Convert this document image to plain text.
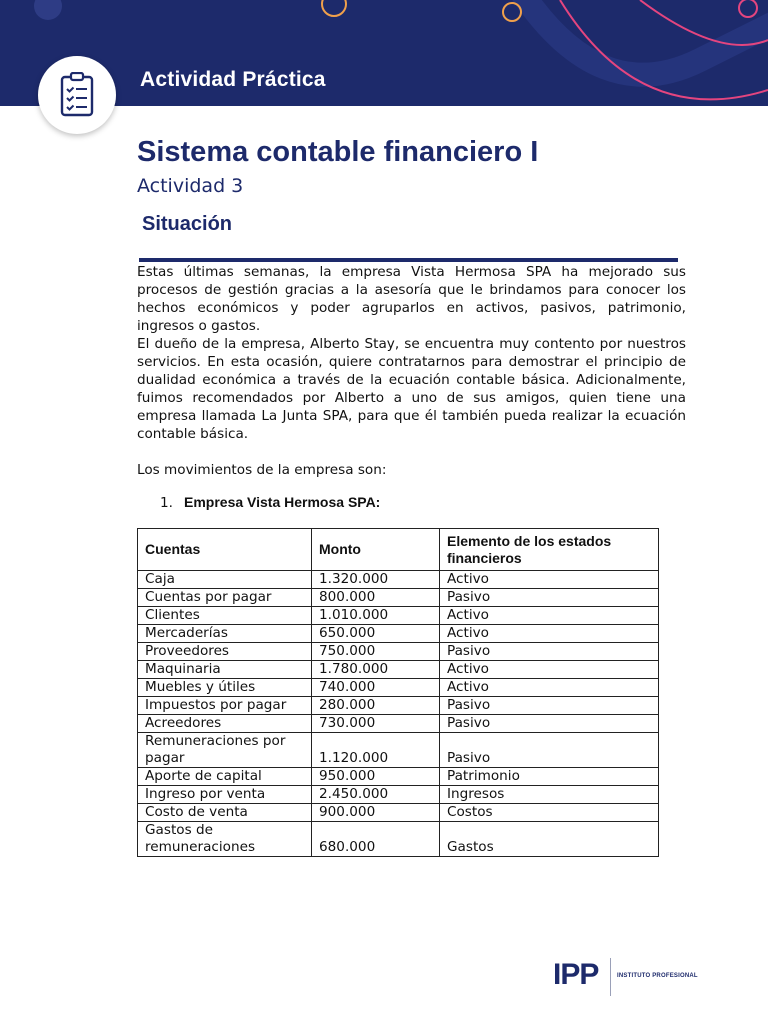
Actividad Práctica
Sistema contable financiero I
Actividad 3
Situación

Estas últimas semanas, la empresa Vista Hermosa SPA ha mejorado sus procesos de gestión gracias a la asesoría que le brindamos para conocer los hechos económicos y poder agruparlos en activos, pasivos, patrimonio, ingresos o gastos.

El dueño de la empresa, Alberto Stay, se encuentra muy contento por nuestros servicios. En esta ocasión, quiere contratarnos para demostrar el principio de dualidad económica a través de la ecuación contable básica. Adicionalmente, fuimos recomendados por Alberto a uno de sus amigos, quien tiene una empresa llamada La Junta SPA, para que él también pueda realizar la ecuación contable básica.

Los movimientos de la empresa son:

1. Empresa Vista Hermosa SPA:
Cuentas	Monto	Elemento de los estados financieros
Caja	1.320.000	Activo
Cuentas por pagar	800.000	Pasivo
Clientes	1.010.000	Activo
Mercaderías	650.000	Activo
Proveedores	750.000	Pasivo
Maquinaria	1.780.000	Activo
Muebles y útiles	740.000	Activo
Impuestos por pagar	280.000	Pasivo
Acreedores	730.000	Pasivo
Remuneraciones por pagar	1.120.000	Pasivo
Aporte de capital	950.000	Patrimonio
Ingreso por venta	2.450.000	Ingresos
Costo de venta	900.000	Costos
Gastos de remuneraciones	680.000	Gastos
IPP	INSTITUTO PROFESIONAL
